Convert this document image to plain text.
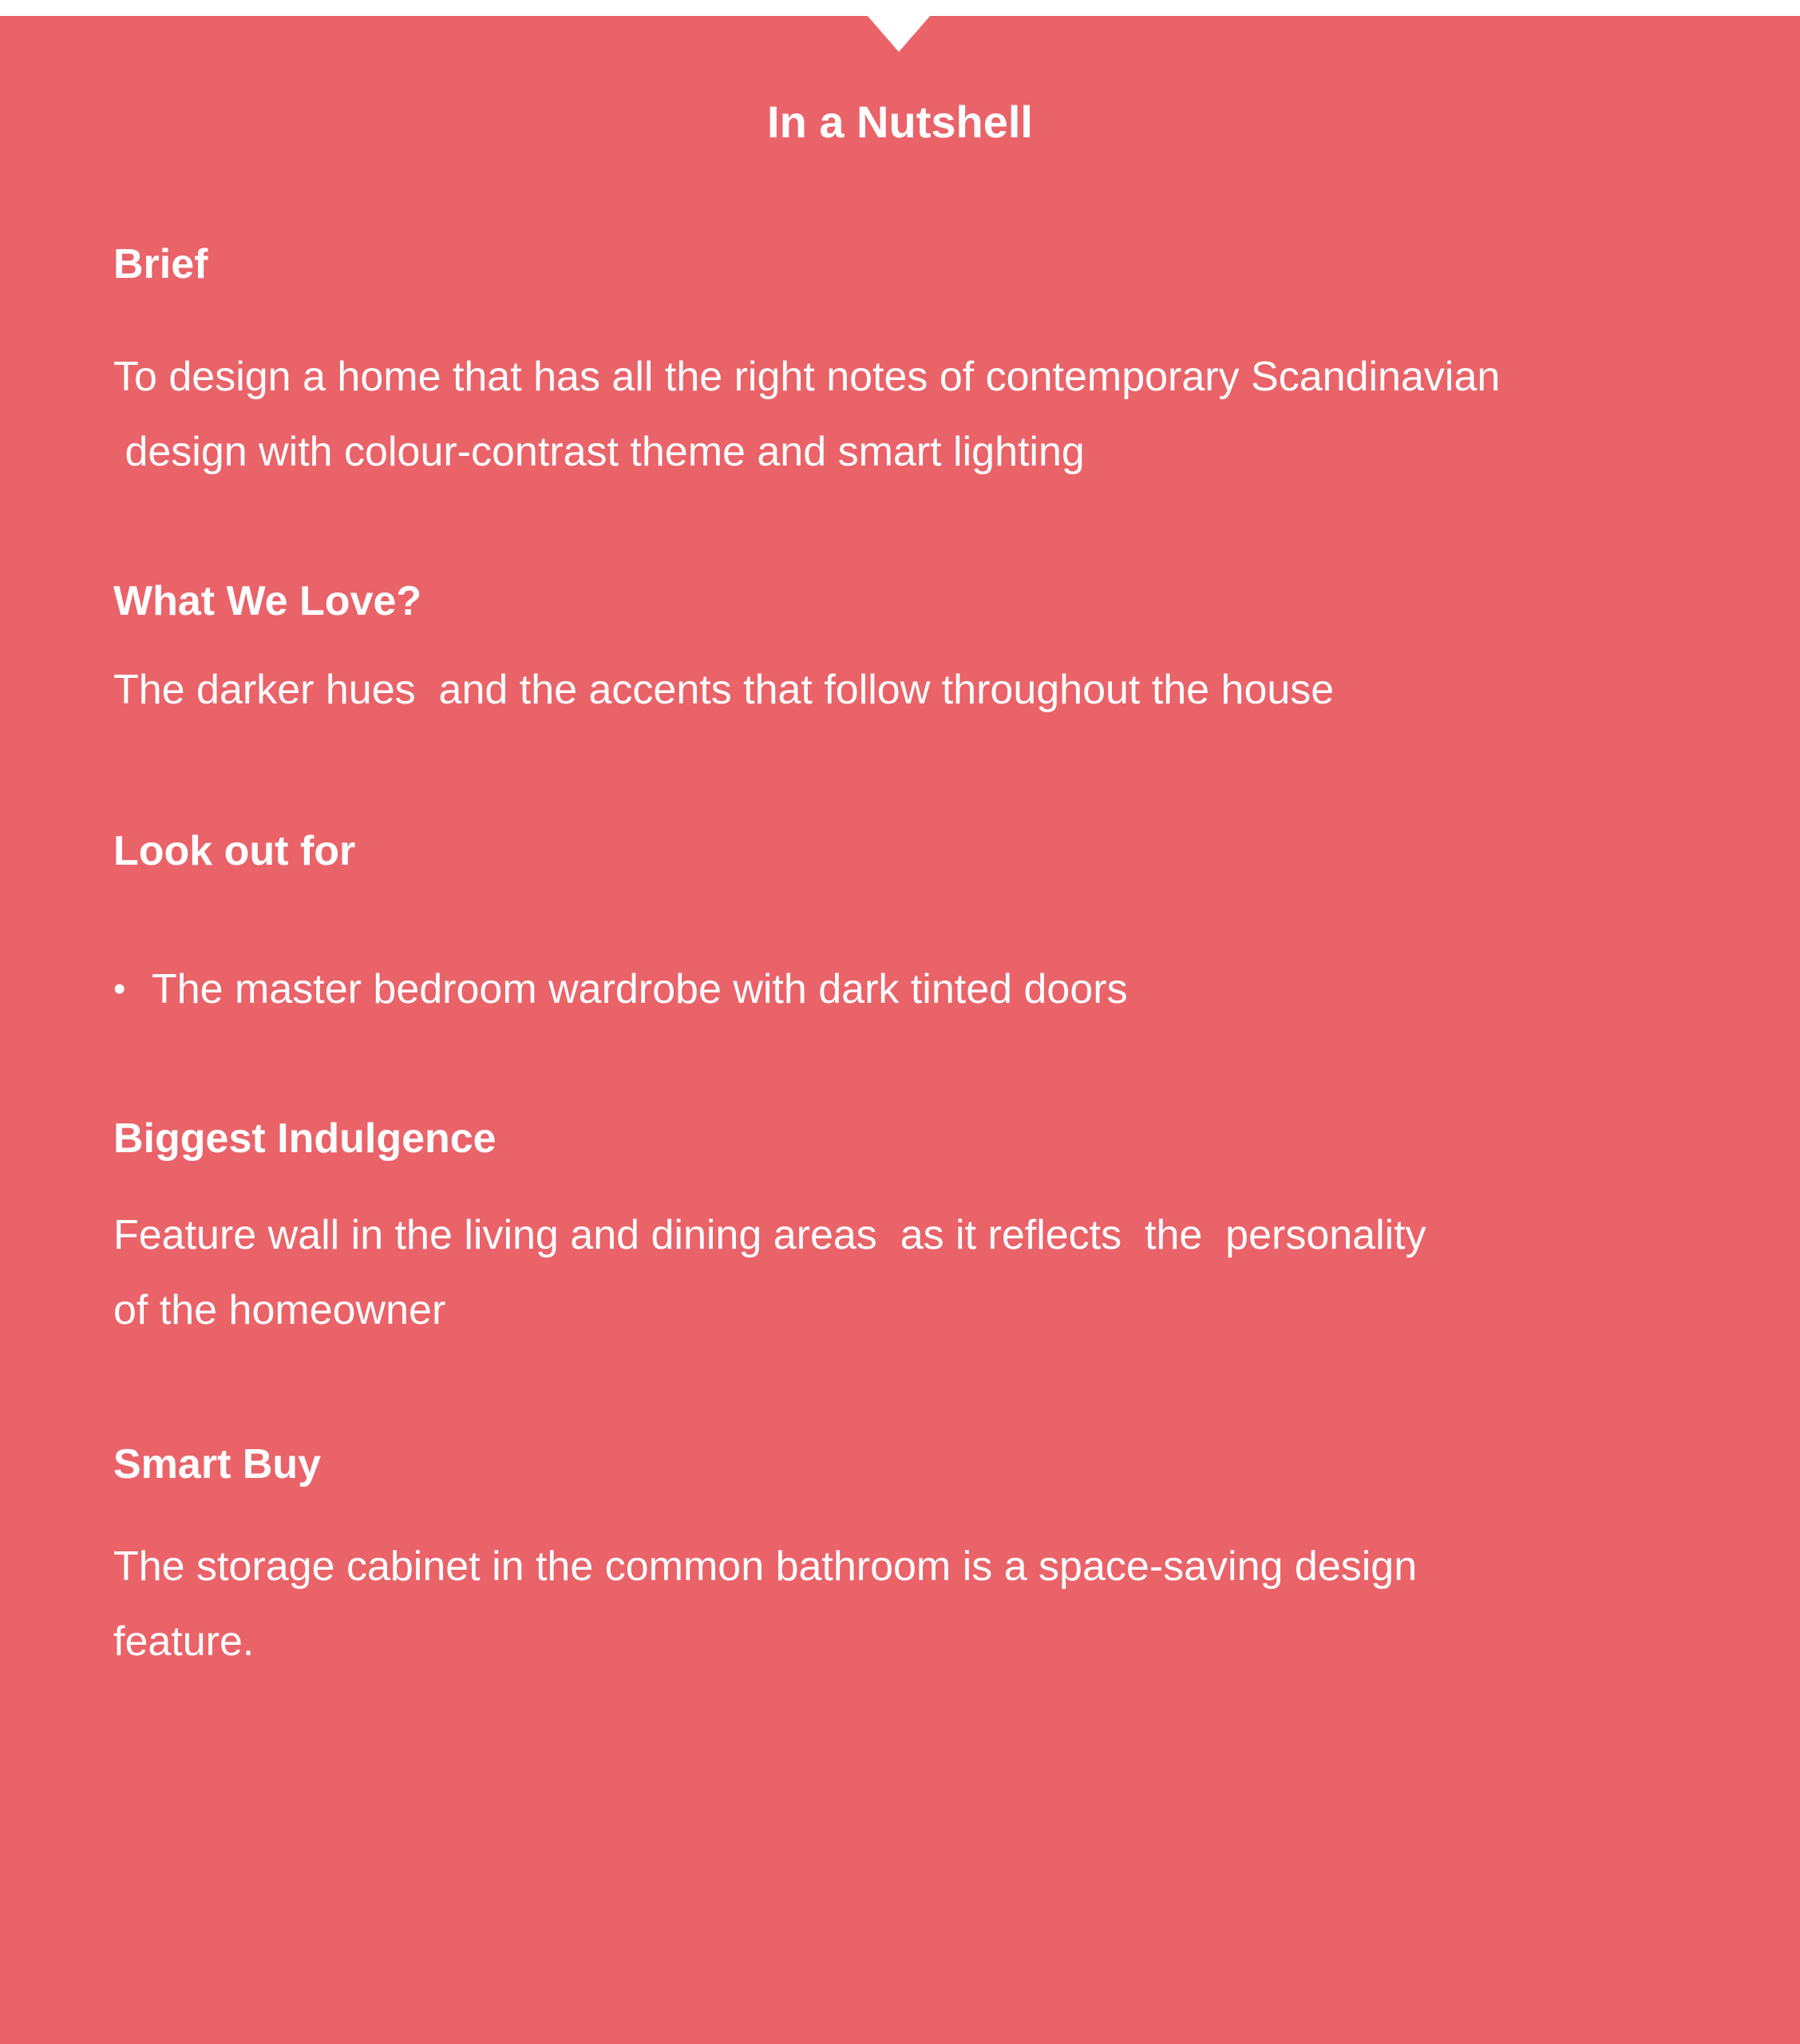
In a Nutshell
Brief

To design a home that has all the right notes of contemporary Scandinavian
design with colour-contrast theme and smart lighting

What We Love?

The darker hues  and the accents that follow throughout the house

Look out for
• The master bedroom wardrobe with dark tinted doors
Biggest Indulgence

Feature wall in the living and dining areas  as it reflects  the  personality
of the homeowner

Smart Buy

The storage cabinet in the common bathroom is a space-saving design
feature.
